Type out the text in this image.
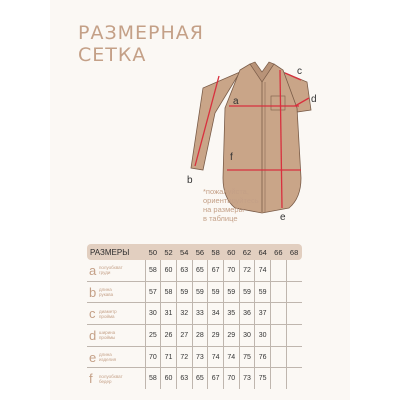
РАЗМЕРНАЯ
СЕТКА
a
b
c
d
e
f
*пожалуйста,
ориентируйтесь
на размеры
в таблице
РАЗМЕРЫ	50	52	54	56	58	60	62	64	66	68
a полуобхват
груди	58	60	63	65	67	70	72	74		
b длина
рукава	57	58	59	59	59	59	59	59		
c диаметр
пройма	30	31	32	33	34	35	36	37		
d ширина
проймы	25	26	27	28	29	29	30	30		
e длина
изделия	70	71	72	73	74	74	75	76		
f полуобхват
бедер	58	60	63	65	67	70	73	75		
